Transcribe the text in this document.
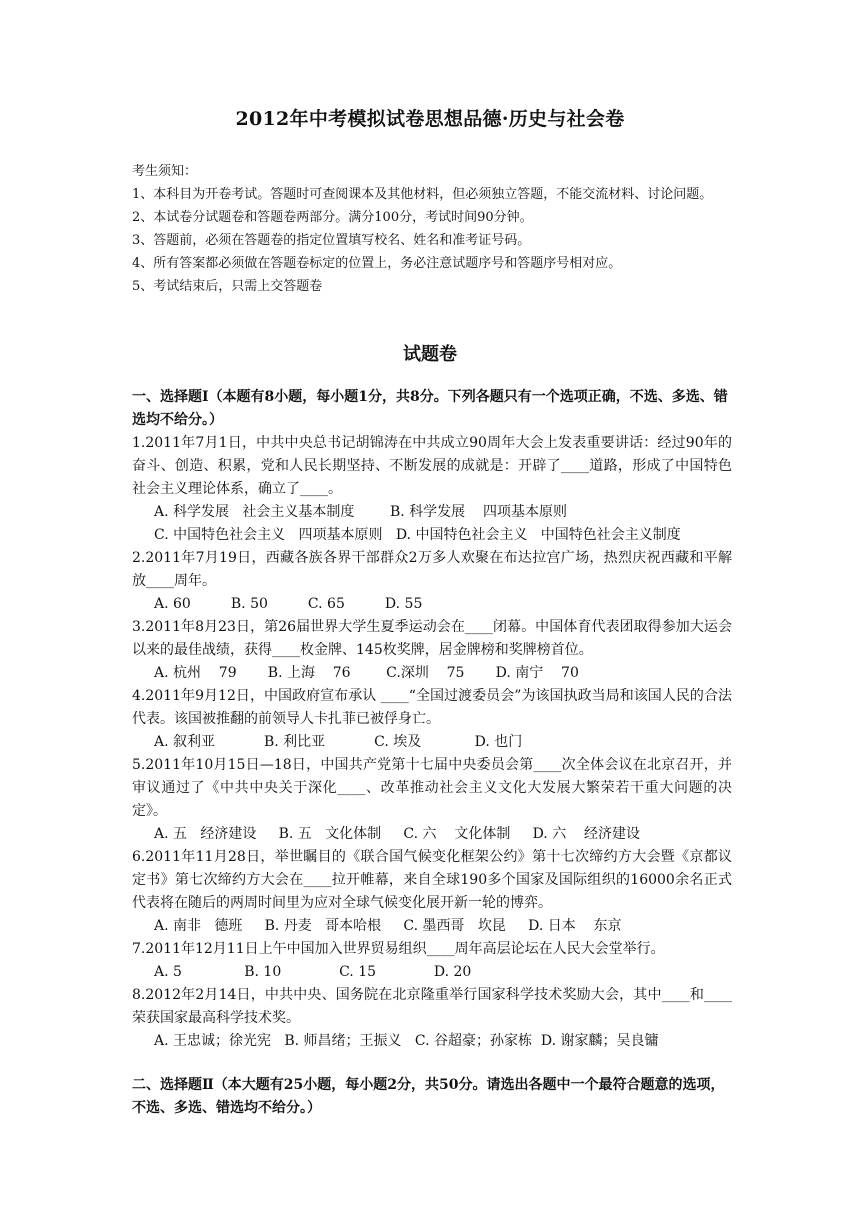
2012年中考模拟试卷思想品德·历史与社会卷

考生须知：

1、本科目为开卷考试。答题时可查阅课本及其他材料，但必须独立答题，不能交流材料、讨论问题。

2、本试卷分试题卷和答题卷两部分。满分100分，考试时间90分钟。

3、答题前，必须在答题卷的指定位置填写校名、姓名和准考证号码。

4、所有答案都必须做在答题卷标定的位置上，务必注意试题序号和答题序号相对应。

5、考试结束后，只需上交答题卷

试题卷

一、选择题Ⅰ（本题有8小题，每小题1分，共8分。下列各题只有一个选项正确，不选、多选、错选均不给分。）

1.2011年7月1日，中共中央总书记胡锦涛在中共成立90周年大会上发表重要讲话：经过90年的奋斗、创造、积累，党和人民长期坚持、不断发展的成就是：开辟了____道路，形成了中国特色社会主义理论体系，确立了____。

A. 科学发展   社会主义基本制度        B. 科学发展    四项基本原则

C. 中国特色社会主义   四项基本原则   D. 中国特色社会主义   中国特色社会主义制度

2.2011年7月19日，西藏各族各界干部群众2万多人欢聚在布达拉宫广场，热烈庆祝西藏和平解放____周年。

A. 60         B. 50         C. 65         D. 55

3.2011年8月23日，第26届世界大学生夏季运动会在____闭幕。中国体育代表团取得参加大运会以来的最佳战绩，获得____枚金牌、145枚奖牌，居金牌榜和奖牌榜首位。

A. 杭州    79       B. 上海    76        C.深圳    75       D. 南宁    70

4.2011年9月12日，中国政府宣布承认 ____“全国过渡委员会”为该国执政当局和该国人民的合法代表。该国被推翻的前领导人卡扎菲已被俘身亡。

A. 叙利亚           B. 利比亚           C. 埃及            D. 也门

5.2011年10月15日—18日，中国共产党第十七届中央委员会第____次全体会议在北京召开，并审议通过了《中共中央关于深化____、改革推动社会主义文化大发展大繁荣若干重大问题的决定》。

A. 五   经济建设     B. 五   文化体制     C. 六    文化体制     D. 六    经济建设

6.2011年11月28日，举世瞩目的《联合国气候变化框架公约》第十七次缔约方大会暨《京都议定书》第七次缔约方大会在____拉开帷幕，来自全球190多个国家及国际组织的16000余名正式代表将在随后的两周时间里为应对全球气候变化展开新一轮的博弈。

A. 南非   德班     B. 丹麦   哥本哈根     C. 墨西哥   坎昆     D. 日本    东京

7.2011年12月11日上午中国加入世界贸易组织____周年高层论坛在人民大会堂举行。

A. 5              B. 10             C. 15             D. 20

8.2012年2月14日，中共中央、国务院在北京隆重举行国家科学技术奖励大会，其中____和____荣获国家最高科学技术奖。

A. 王忠诚；徐光宪   B. 师昌绪；王振义   C. 谷超豪；孙家栋  D. 谢家麟；吴良镛

二、选择题Ⅱ（本大题有25小题，每小题2分，共50分。请选出各题中一个最符合题意的选项，不选、多选、错选均不给分。）
